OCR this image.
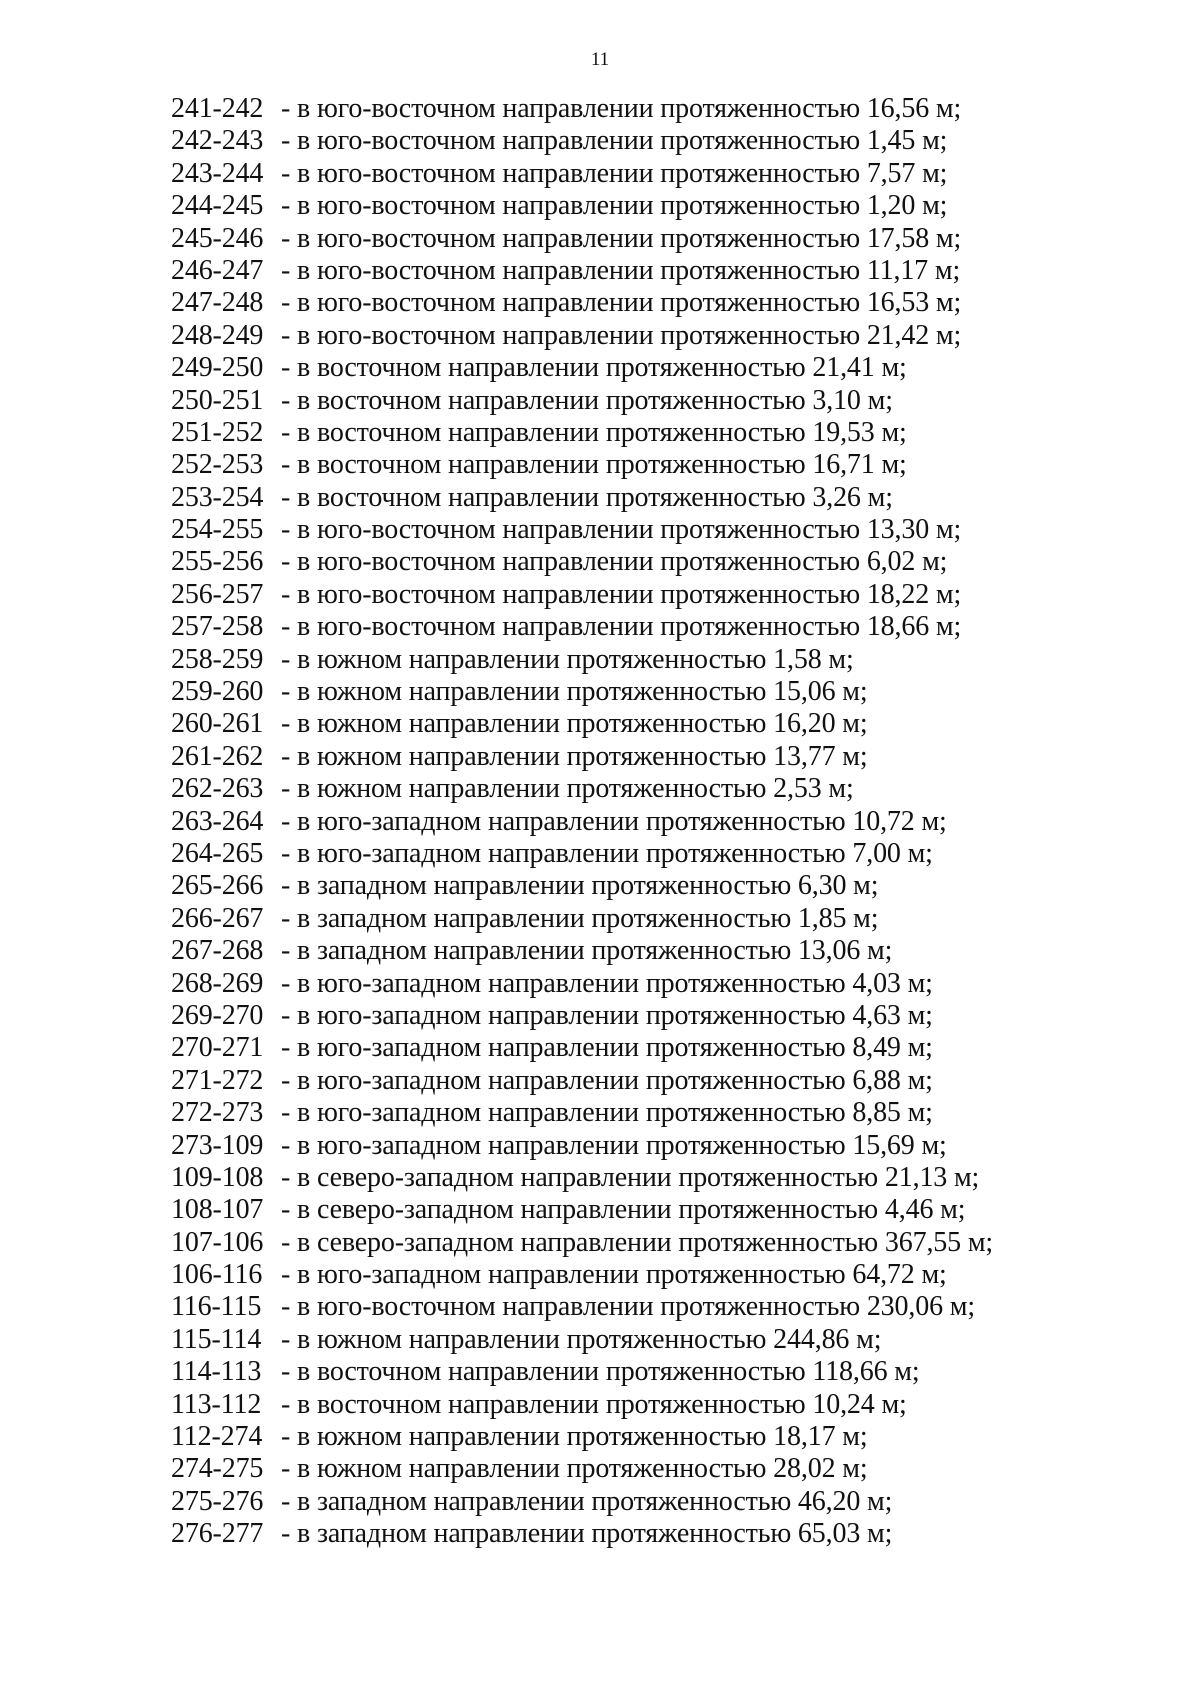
11
241-242 - в юго-восточном направлении протяженностью 16,56 м;
242-243 - в юго-восточном направлении протяженностью 1,45 м;
243-244 - в юго-восточном направлении протяженностью 7,57 м;
244-245 - в юго-восточном направлении протяженностью 1,20 м;
245-246 - в юго-восточном направлении протяженностью 17,58 м;
246-247 - в юго-восточном направлении протяженностью 11,17 м;
247-248 - в юго-восточном направлении протяженностью 16,53 м;
248-249 - в юго-восточном направлении протяженностью 21,42 м;
249-250 - в восточном направлении протяженностью 21,41 м;
250-251 - в восточном направлении протяженностью 3,10 м;
251-252 - в восточном направлении протяженностью 19,53 м;
252-253 - в восточном направлении протяженностью 16,71 м;
253-254 - в восточном направлении протяженностью 3,26 м;
254-255 - в юго-восточном направлении протяженностью 13,30 м;
255-256 - в юго-восточном направлении протяженностью 6,02 м;
256-257 - в юго-восточном направлении протяженностью 18,22 м;
257-258 - в юго-восточном направлении протяженностью 18,66 м;
258-259 - в южном направлении протяженностью 1,58 м;
259-260 - в южном направлении протяженностью 15,06 м;
260-261 - в южном направлении протяженностью 16,20 м;
261-262 - в южном направлении протяженностью 13,77 м;
262-263 - в южном направлении протяженностью 2,53 м;
263-264 - в юго-западном направлении протяженностью 10,72 м;
264-265 - в юго-западном направлении протяженностью 7,00 м;
265-266 - в западном направлении протяженностью 6,30 м;
266-267 - в западном направлении протяженностью 1,85 м;
267-268 - в западном направлении протяженностью 13,06 м;
268-269 - в юго-западном направлении протяженностью 4,03 м;
269-270 - в юго-западном направлении протяженностью 4,63 м;
270-271 - в юго-западном направлении протяженностью 8,49 м;
271-272 - в юго-западном направлении протяженностью 6,88 м;
272-273 - в юго-западном направлении протяженностью 8,85 м;
273-109 - в юго-западном направлении протяженностью 15,69 м;
109-108 - в северо-западном направлении протяженностью 21,13 м;
108-107 - в северо-западном направлении протяженностью 4,46 м;
107-106 - в северо-западном направлении протяженностью 367,55 м;
106-116 - в юго-западном направлении протяженностью 64,72 м;
116-115 - в юго-восточном направлении протяженностью 230,06 м;
115-114 - в южном направлении протяженностью 244,86 м;
114-113 - в восточном направлении протяженностью 118,66 м;
113-112 - в восточном направлении протяженностью 10,24 м;
112-274 - в южном направлении протяженностью 18,17 м;
274-275 - в южном направлении протяженностью 28,02 м;
275-276 - в западном направлении протяженностью 46,20 м;
276-277 - в западном направлении протяженностью 65,03 м;
